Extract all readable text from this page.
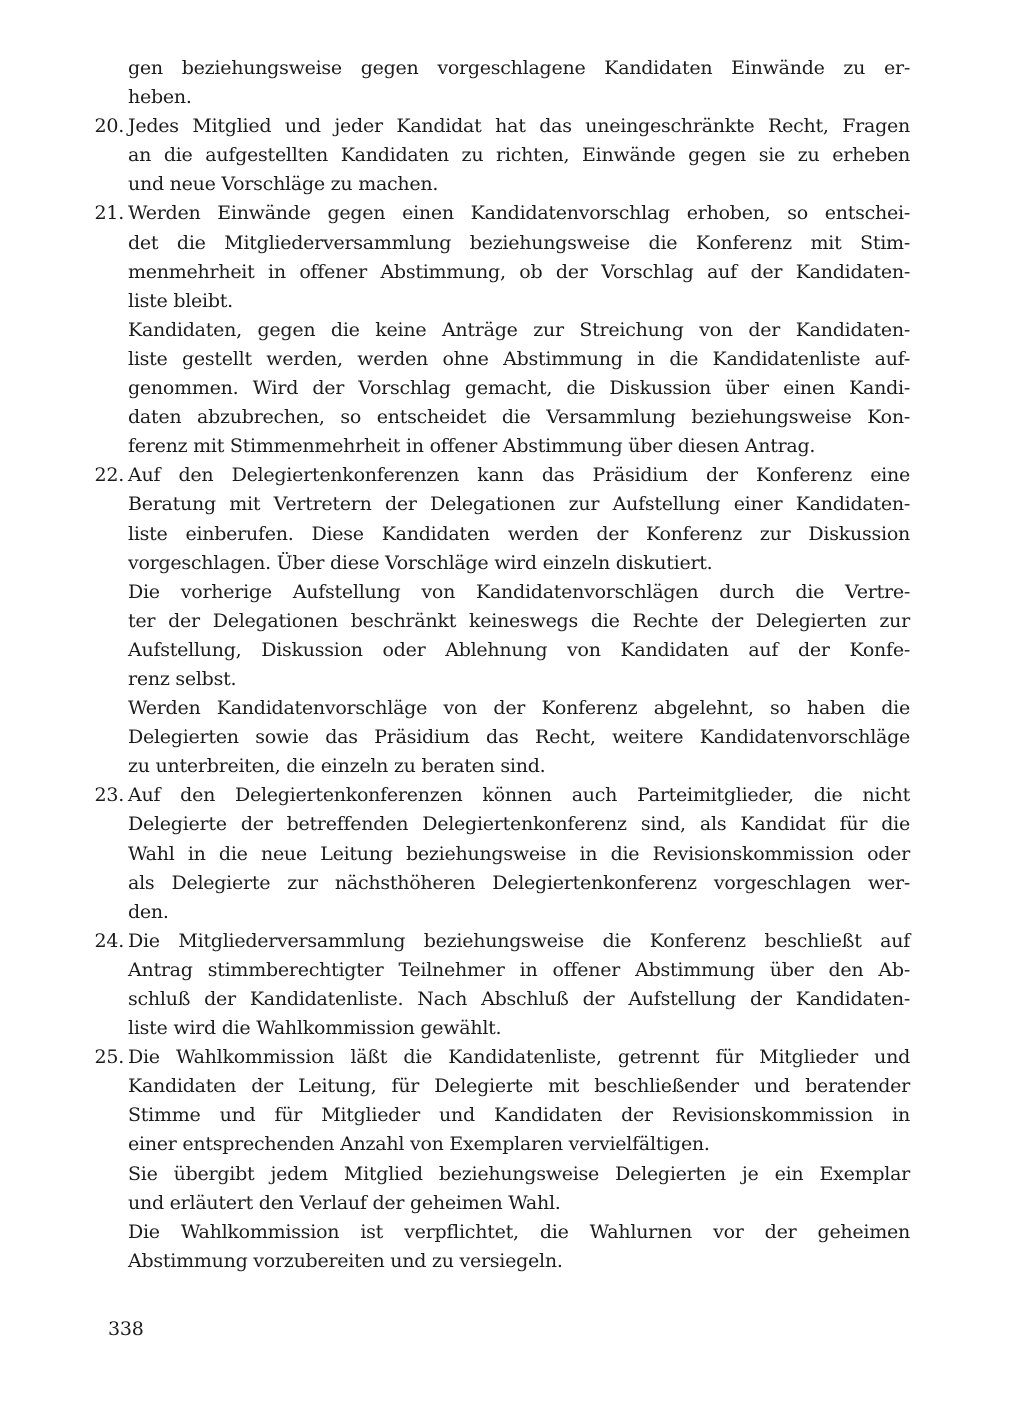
gen beziehungsweise gegen vorgeschlagene Kandidaten Einwände zu er-
heben.
20. Jedes Mitglied und jeder Kandidat hat das uneingeschränkte Recht, Fragen
an die aufgestellten Kandidaten zu richten, Einwände gegen sie zu erheben
und neue Vorschläge zu machen.
21. Werden Einwände gegen einen Kandidatenvorschlag erhoben, so entschei-
det die Mitgliederversammlung beziehungsweise die Konferenz mit Stim-
menmehrheit in offener Abstimmung, ob der Vorschlag auf der Kandidaten-
liste bleibt.
Kandidaten, gegen die keine Anträge zur Streichung von der Kandidaten-
liste gestellt werden, werden ohne Abstimmung in die Kandidatenliste auf-
genommen. Wird der Vorschlag gemacht, die Diskussion über einen Kandi-
daten abzubrechen, so entscheidet die Versammlung beziehungsweise Kon-
ferenz mit Stimmenmehrheit in offener Abstimmung über diesen Antrag.
22. Auf den Delegiertenkonferenzen kann das Präsidium der Konferenz eine
Beratung mit Vertretern der Delegationen zur Aufstellung einer Kandidaten-
liste einberufen. Diese Kandidaten werden der Konferenz zur Diskussion
vorgeschlagen. Über diese Vorschläge wird einzeln diskutiert.
Die vorherige Aufstellung von Kandidatenvorschlägen durch die Vertre-
ter der Delegationen beschränkt keineswegs die Rechte der Delegierten zur
Aufstellung, Diskussion oder Ablehnung von Kandidaten auf der Konfe-
renz selbst.
Werden Kandidatenvorschläge von der Konferenz abgelehnt, so haben die
Delegierten sowie das Präsidium das Recht, weitere Kandidatenvorschläge
zu unterbreiten, die einzeln zu beraten sind.
23. Auf den Delegiertenkonferenzen können auch Parteimitglieder, die nicht
Delegierte der betreffenden Delegiertenkonferenz sind, als Kandidat für die
Wahl in die neue Leitung beziehungsweise in die Revisionskommission oder
als Delegierte zur nächsthöheren Delegiertenkonferenz vorgeschlagen wer-
den.
24. Die Mitgliederversammlung beziehungsweise die Konferenz beschließt auf
Antrag stimmberechtigter Teilnehmer in offener Abstimmung über den Ab-
schluß der Kandidatenliste. Nach Abschluß der Aufstellung der Kandidaten-
liste wird die Wahlkommission gewählt.
25. Die Wahlkommission läßt die Kandidatenliste, getrennt für Mitglieder und
Kandidaten der Leitung, für Delegierte mit beschließender und beratender
Stimme und für Mitglieder und Kandidaten der Revisionskommission in
einer entsprechenden Anzahl von Exemplaren vervielfältigen.
Sie übergibt jedem Mitglied beziehungsweise Delegierten je ein Exemplar
und erläutert den Verlauf der geheimen Wahl.
Die Wahlkommission ist verpflichtet, die Wahlurnen vor der geheimen
Abstimmung vorzubereiten und zu versiegeln.
338
